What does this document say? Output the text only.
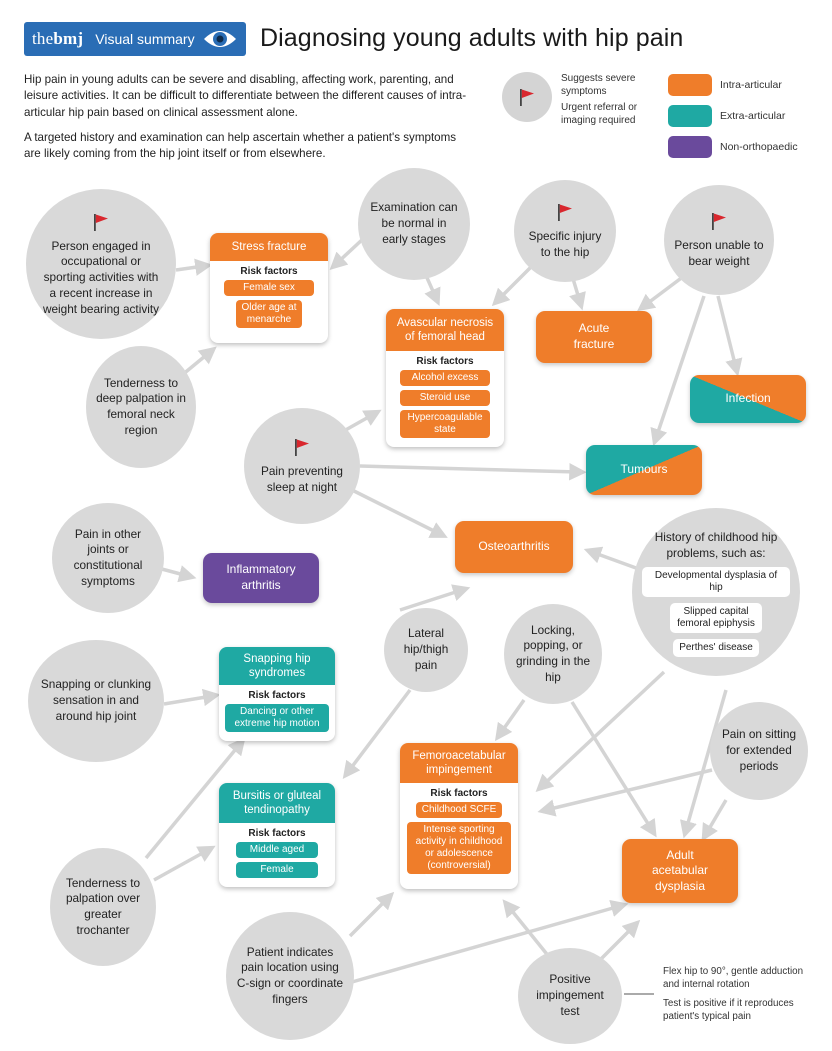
thebmj Visual summary	Diagnosing young adults with hip pain

Hip pain in young adults can be severe and disabling, affecting work, parenting, and leisure activities. It can be difficult to differentiate between the different causes of intra-articular hip pain based on clinical assessment alone.

A targeted history and examination can help ascertain whether a patient's symptoms are likely coming from the hip joint itself or from elsewhere.

Suggests severe symptoms
Urgent referral or imaging required
Intra-articular
Extra-articular
Non-orthopaedic
Person engaged in occupational or sporting activities with a recent increase in weight bearing activity
Examination can be normal in early stages	Specific injury to the hip	Person unable to bear weight
Tenderness to deep palpation in femoral neck region
Pain preventing sleep at night
Pain in other joints or constitutional symptoms
History of childhood hip problems, such as:
Developmental dysplasia of hip
Slipped capital femoral epiphysis
Perthes' disease
Snapping or clunking sensation in and around hip joint
Lateral hip/thigh pain
Locking, popping, or grinding in the hip
Pain on sitting for extended periods
Tenderness to palpation over greater trochanter
Patient indicates pain location using C-sign or coordinate fingers
Positive impingement test
Stress fracture
Risk factors
Female sex
Older age at menarche	Avascular necrosis of femoral head
Risk factors
Alcohol excess
Steroid use
Hypercoagulable state
Acute fracture
Infection
Tumours
Osteoarthritis
Inflammatory arthritis
Snapping hip syndromes
Risk factors
Dancing or other extreme hip motion
Bursitis or gluteal tendinopathy
Risk factors
Middle aged
Female
Femoroacetabular impingement
Risk factors
Childhood SCFE
Intense sporting activity in childhood or adolescence (controversial)
Adult acetabular dysplasia
Flex hip to 90°, gentle adduction and internal rotation
Test is positive if it reproduces patient's typical pain
